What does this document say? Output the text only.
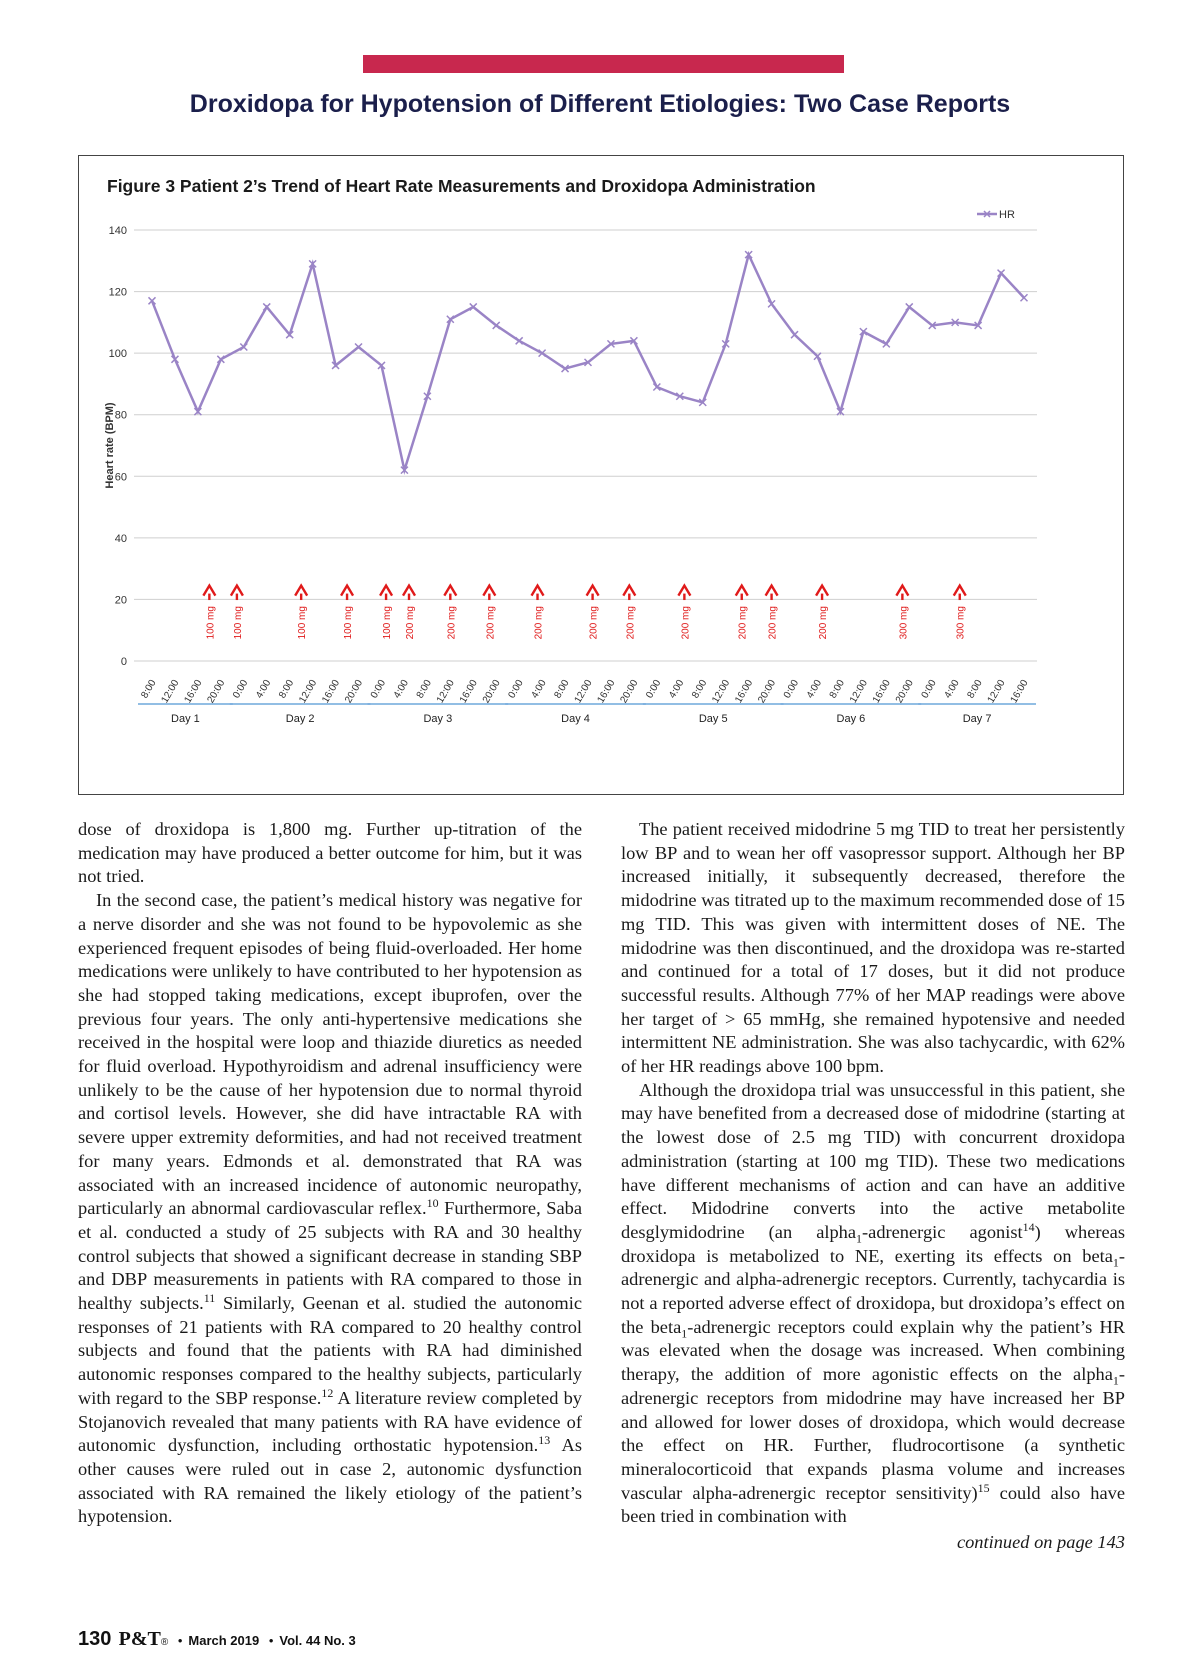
Droxidopa for Hypotension of Different Etiologies: Two Case Reports
0
20
40
60
80
100
120
140
Heart rate (BPM)
HR
100 mg 100 mg	100 mg	100 mg	100 mg 200 mg	200 mg	200 mg	200 mg	200 mg	200 mg	200 mg	200 mg 200 mg	200 mg	300 mg	300 mg
8:00 12:00 16:00 20:00 0:00 4:00 8:00 12:00 16:00 20:00 0:00 4:00 8:00 12:00 16:00 20:00 0:00 4:00 8:00 12:00 16:00 20:00 0:00 4:00 8:00 12:00 16:00 20:00 0:00 4:00 8:00 12:00 16:00 20:00 0:00 4:00 8:00 12:00 16:00
Day 1	Day 2	Day 3	Day 4	Day 5	Day 6	Day 7
Figure 3 Patient 2’s Trend of Heart Rate Measurements and Droxidopa Administration

dose of droxidopa is 1,800 mg. Further up-titration of the medication may have produced a better outcome for him, but it was not tried.

In the second case, the patient’s medical history was negative for a nerve disorder and she was not found to be hypovolemic as she experienced frequent episodes of being fluid-overloaded. Her home medications were unlikely to have contributed to her hypotension as she had stopped taking medications, except ibuprofen, over the previous four years. The only anti-hypertensive medications she received in the hospital were loop and thiazide diuretics as needed for fluid overload. Hypothyroidism and adrenal insufficiency were unlikely to be the cause of her hypotension due to normal thyroid and cortisol levels. However, she did have intractable RA with severe upper extremity deformities, and had not received treatment for many years. Edmonds et al. demonstrated that RA was associated with an increased incidence of autonomic neuropathy, particularly an abnormal cardiovascular reflex.$^{10}$ Furthermore, Saba et al. conducted a study of 25 subjects with RA and 30 healthy control subjects that showed a significant decrease in standing SBP and DBP measurements in patients with RA compared to those in healthy subjects.$^{11}$ Similarly, Geenan et al. studied the autonomic responses of 21 patients with RA compared to 20 healthy control subjects and found that the patients with RA had diminished autonomic responses compared to the healthy subjects, particularly with regard to the SBP response.$^{12}$ A literature review completed by Stojanovich revealed that many patients with RA have evidence of autonomic dysfunction, including orthostatic hypotension.$^{13}$ As other causes were ruled out in case 2, autonomic dysfunction associated with RA remained the likely etiology of the patient’s hypotension.

The patient received midodrine 5 mg TID to treat her persistently low BP and to wean her off vasopressor support. Although her BP increased initially, it subsequently decreased, therefore the midodrine was titrated up to the maximum recommended dose of 15 mg TID. This was given with intermittent doses of NE. The midodrine was then discontinued, and the droxidopa was re-started and continued for a total of 17 doses, but it did not produce successful results. Although 77% of her MAP readings were above her target of > 65 mmHg, she remained hypotensive and needed intermittent NE administration. She was also tachycardic, with 62% of her HR readings above 100 bpm.

Although the droxidopa trial was unsuccessful in this patient, she may have benefited from a decreased dose of midodrine (starting at the lowest dose of 2.5 mg TID) with concurrent droxidopa administration (starting at 100 mg TID). These two medications have different mechanisms of action and can have an additive effect. Midodrine converts into the active metabolite desglymidodrine (an alpha$_1$-adrenergic agonist$^{14}$) whereas droxidopa is metabolized to NE, exerting its effects on beta$_1$-adrenergic and alpha-adrenergic receptors. Currently, tachycardia is not a reported adverse effect of droxidopa, but droxidopa’s effect on the beta$_1$-adrenergic receptors could explain why the patient’s HR was elevated when the dosage was increased. When combining therapy, the addition of more agonistic effects on the alpha$_1$-adrenergic receptors from midodrine may have increased her BP and allowed for lower doses of droxidopa, which would decrease the effect on HR. Further, fludrocortisone (a synthetic mineralocorticoid that expands plasma volume and increases vascular alpha-adrenergic receptor sensitivity)$^{15}$ could also have been tried in combination with

continued on page 143
130 P&T® • March 2019 • Vol. 44 No. 3
